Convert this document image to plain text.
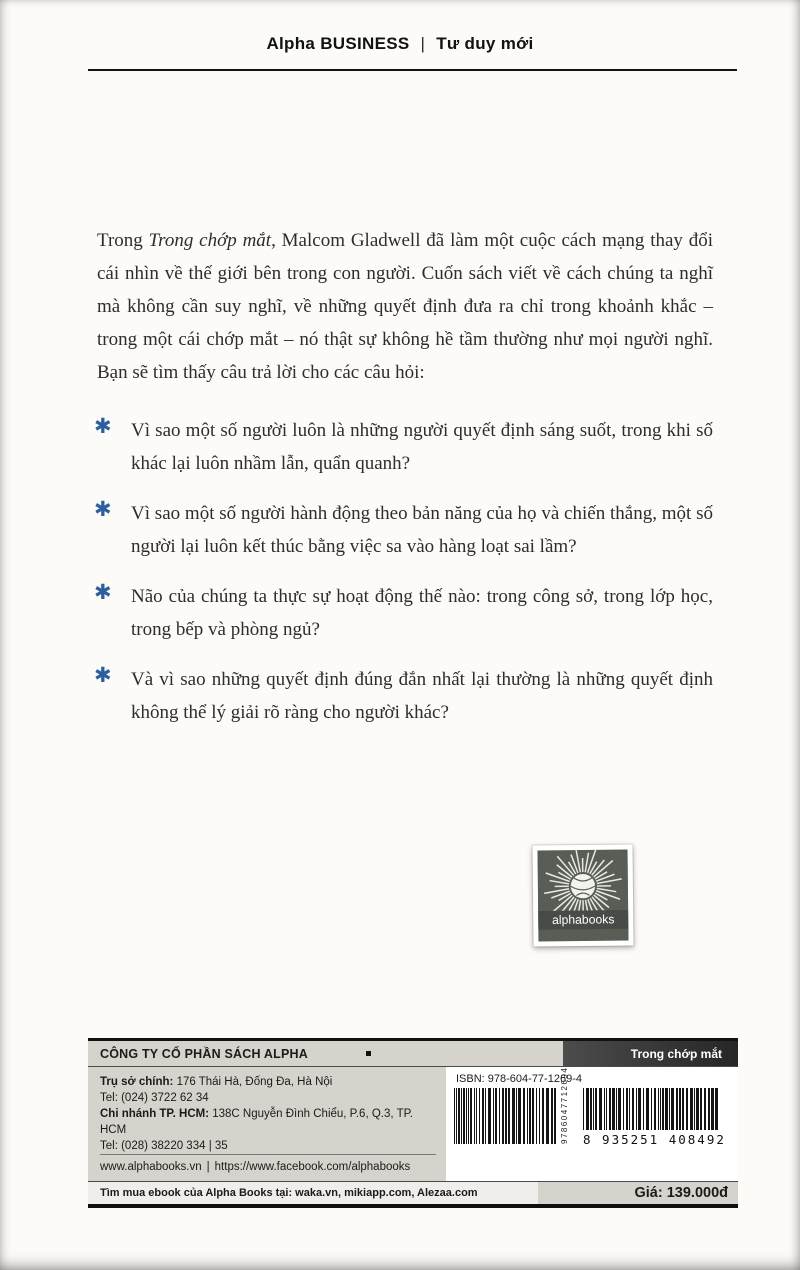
Alpha BUSINESS | Tư duy mới

Trong Trong chớp mắt, Malcom Gladwell đã làm một cuộc cách mạng thay đổi cái nhìn về thế giới bên trong con người. Cuốn sách viết về cách chúng ta nghĩ mà không cần suy nghĩ, về những quyết định đưa ra chỉ trong khoảnh khắc – trong một cái chớp mắt – nó thật sự không hề tầm thường như mọi người nghĩ. Bạn sẽ tìm thấy câu trả lời cho các câu hỏi:

✱ Vì sao một số người luôn là những người quyết định sáng suốt, trong khi số khác lại luôn nhầm lẫn, quẩn quanh?
✱ Vì sao một số người hành động theo bản năng của họ và chiến thắng, một số người lại luôn kết thúc bằng việc sa vào hàng loạt sai lầm?
✱ Não của chúng ta thực sự hoạt động thế nào: trong công sở, trong lớp học, trong bếp và phòng ngủ?
✱ Và vì sao những quyết định đúng đắn nhất lại thường là những quyết định không thể lý giải rõ ràng cho người khác?
alphabooks
CÔNG TY CỔ PHẦN SÁCH ALPHA	Trong chớp mắt

Trụ sở chính: 176 Thái Hà, Đống Đa, Hà Nội

Tel: (024) 3722 62 34

Chi nhánh TP. HCM: 138C Nguyễn Đình Chiểu, P.6, Q.3, TP. HCM

Tel: (028) 38220 334 | 35

www.alphabooks.vn | https://www.facebook.com/alphabooks

ISBN: 978-604-77-1269-4
9786047712694 8 935251 408492
Tìm mua ebook của Alpha Books tại: waka.vn, mikiapp.com, Alezaa.com	Giá: 139.000đ
